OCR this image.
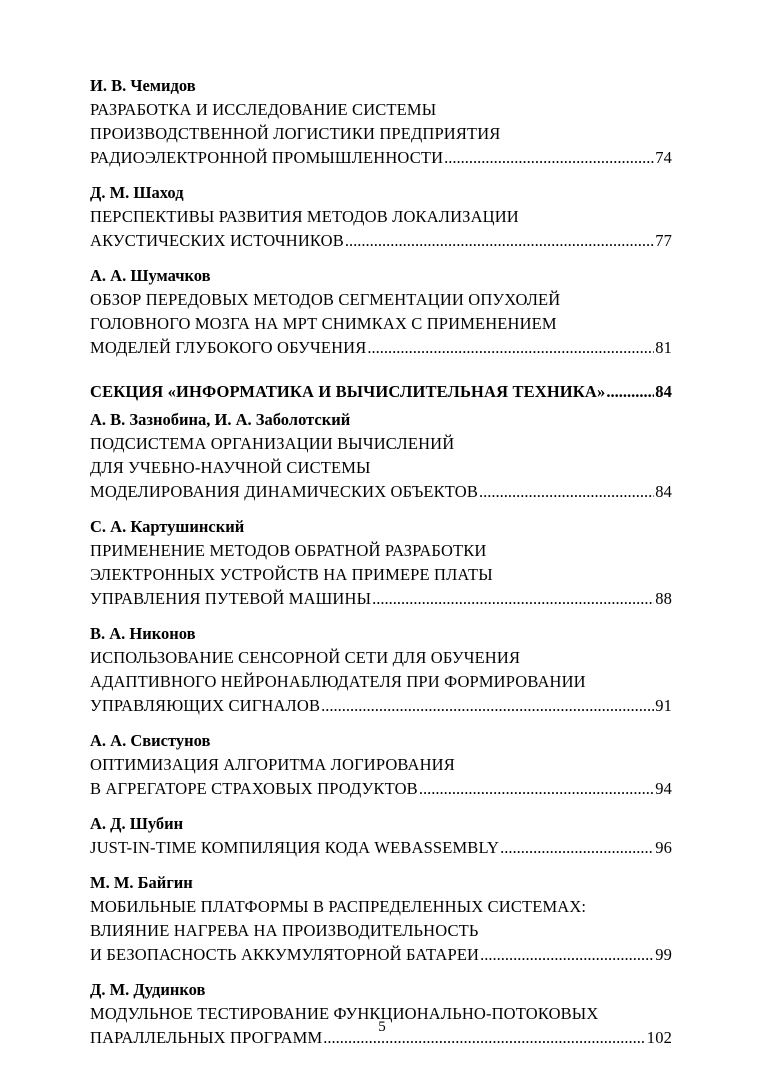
И. В. Чемидов
РАЗРАБОТКА И ИССЛЕДОВАНИЕ СИСТЕМЫ
ПРОИЗВОДСТВЕННОЙ ЛОГИСТИКИ ПРЕДПРИЯТИЯ
РАДИОЭЛЕКТРОННОЙ ПРОМЫШЛЕННОСТИ .....	74
Д. М. Шаход
ПЕРСПЕКТИВЫ РАЗВИТИЯ МЕТОДОВ ЛОКАЛИЗАЦИИ
АКУСТИЧЕСКИХ ИСТОЧНИКОВ .....	77
А. А. Шумачков
ОБЗОР ПЕРЕДОВЫХ МЕТОДОВ СЕГМЕНТАЦИИ ОПУХОЛЕЙ
ГОЛОВНОГО МОЗГА НА МРТ СНИМКАХ С ПРИМЕНЕНИЕМ
МОДЕЛЕЙ ГЛУБОКОГО ОБУЧЕНИЯ .....	81
СЕКЦИЯ «ИНФОРМАТИКА И ВЫЧИСЛИТЕЛЬНАЯ ТЕХНИКА» .....	84
А. В. Зазнобина, И. А. Заболотский
ПОДСИСТЕМА ОРГАНИЗАЦИИ ВЫЧИСЛЕНИЙ
ДЛЯ УЧЕБНО-НАУЧНОЙ СИСТЕМЫ
МОДЕЛИРОВАНИЯ ДИНАМИЧЕСКИХ ОБЪЕКТОВ .....	84
С. А. Картушинский
ПРИМЕНЕНИЕ МЕТОДОВ ОБРАТНОЙ РАЗРАБОТКИ
ЭЛЕКТРОННЫХ УСТРОЙСТВ НА ПРИМЕРЕ ПЛАТЫ
УПРАВЛЕНИЯ ПУТЕВОЙ МАШИНЫ .....	88
В. А. Никонов
ИСПОЛЬЗОВАНИЕ СЕНСОРНОЙ СЕТИ ДЛЯ ОБУЧЕНИЯ
АДАПТИВНОГО НЕЙРОНАБЛЮДАТЕЛЯ ПРИ ФОРМИРОВАНИИ
УПРАВЛЯЮЩИХ СИГНАЛОВ .....	91
А. А. Свистунов
ОПТИМИЗАЦИЯ АЛГОРИТМА ЛОГИРОВАНИЯ
В АГРЕГАТОРЕ СТРАХОВЫХ ПРОДУКТОВ .....	94
А. Д. Шубин
JUST-IN-TIME КОМПИЛЯЦИЯ КОДА WEBASSEMBLY .....	96
М. М. Байгин
МОБИЛЬНЫЕ ПЛАТФОРМЫ В РАСПРЕДЕЛЕННЫХ СИСТЕМАХ:
ВЛИЯНИЕ НАГРЕВА НА ПРОИЗВОДИТЕЛЬНОСТЬ
И БЕЗОПАСНОСТЬ АККУМУЛЯТОРНОЙ БАТАРЕИ .....	99
Д. М. Дудинков
МОДУЛЬНОЕ ТЕСТИРОВАНИЕ ФУНКЦИОНАЛЬНО-ПОТОКОВЫХ
ПАРАЛЛЕЛЬНЫХ ПРОГРАММ .....	102
5
